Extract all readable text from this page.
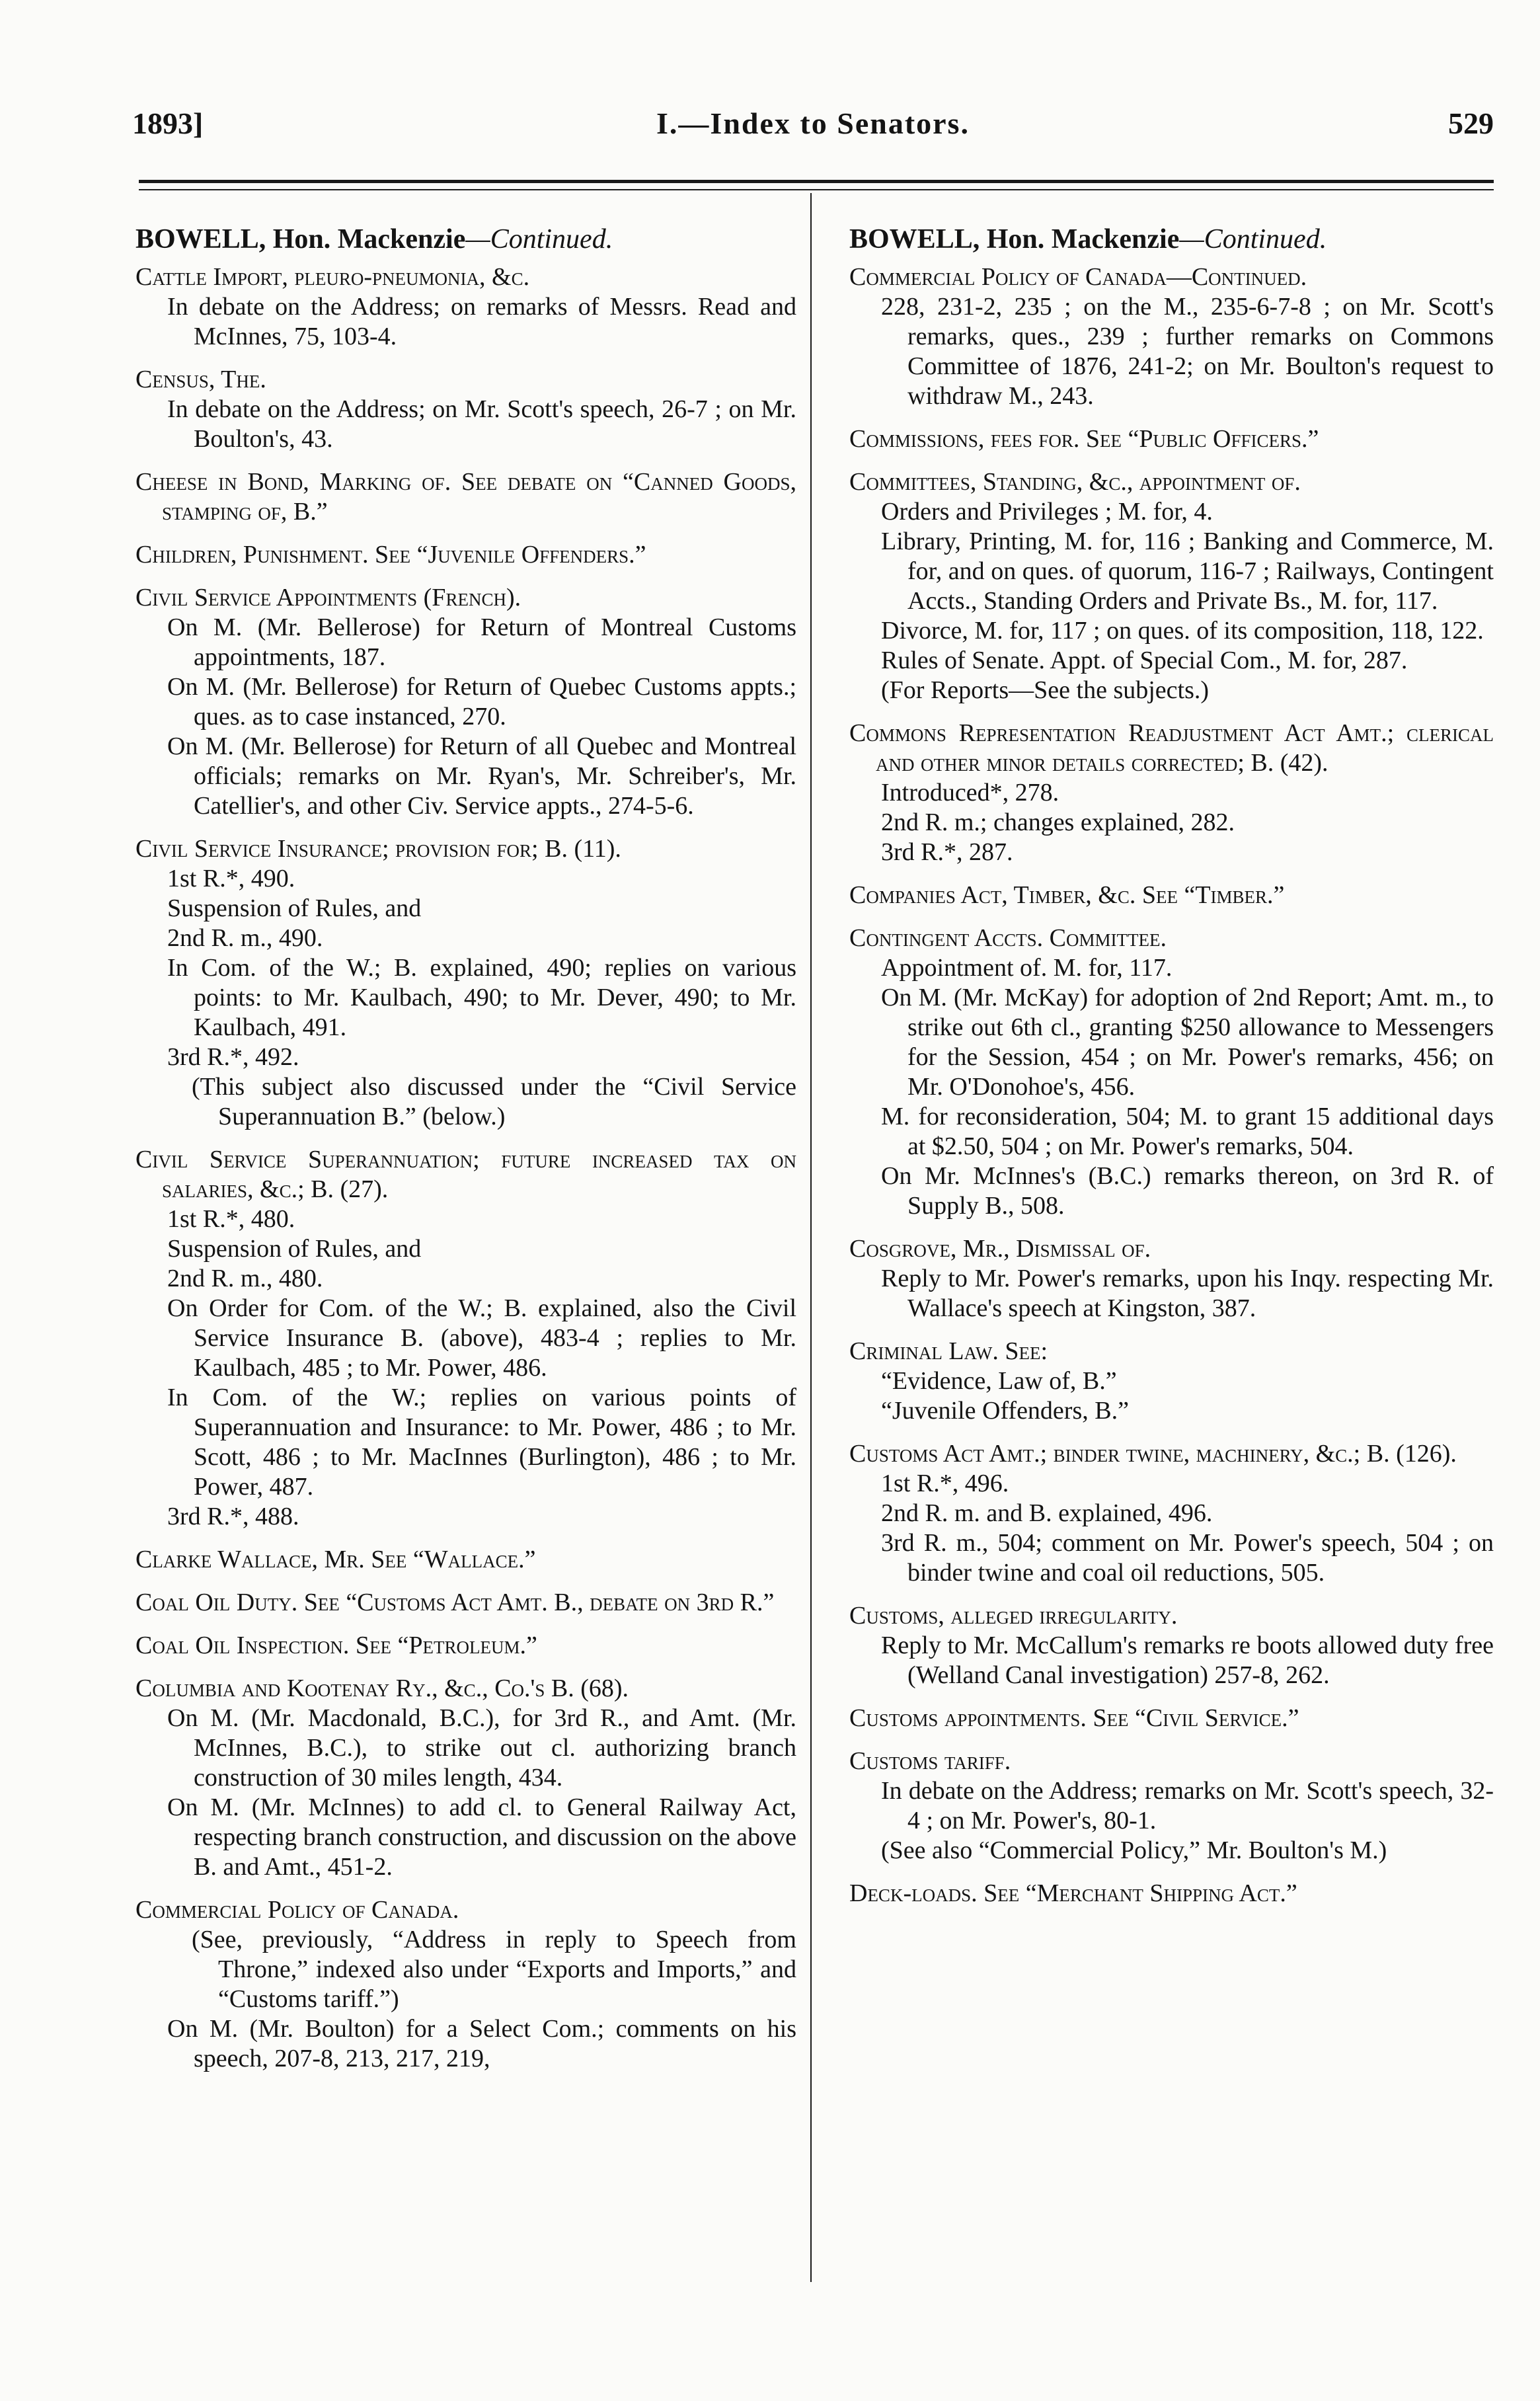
1893]	I.—Index to Senators.	529
BOWELL, Hon. Mackenzie—Continued.
Cattle Import, pleuro-pneumonia, &c.
In debate on the Address; on remarks of Messrs. Read and McInnes, 75, 103-4.
Census, The.
In debate on the Address; on Mr. Scott's speech, 26-7 ; on Mr. Boulton's, 43.
Cheese in Bond, Marking of. See debate on “Canned Goods, stamping of, B.”
Children, Punishment. See “Juvenile Offenders.”
Civil Service Appointments (French).
On M. (Mr. Bellerose) for Return of Montreal Customs appointments, 187.
On M. (Mr. Bellerose) for Return of Quebec Customs appts.; ques. as to case instanced, 270.
On M. (Mr. Bellerose) for Return of all Quebec and Montreal officials; remarks on Mr. Ryan's, Mr. Schreiber's, Mr. Catellier's, and other Civ. Service appts., 274-5-6.
Civil Service Insurance; provision for; B. (11).
1st R.*, 490.
Suspension of Rules, and
2nd R. m., 490.
In Com. of the W.; B. explained, 490; replies on various points: to Mr. Kaulbach, 490; to Mr. Dever, 490; to Mr. Kaulbach, 491.
3rd R.*, 492.
(This subject also discussed under the “Civil Service Superannuation B.” (below.)
Civil Service Superannuation; future increased tax on salaries, &c.; B. (27).
1st R.*, 480.
Suspension of Rules, and
2nd R. m., 480.
On Order for Com. of the W.; B. explained, also the Civil Service Insurance B. (above), 483-4 ; replies to Mr. Kaulbach, 485 ; to Mr. Power, 486.
In Com. of the W.; replies on various points of Superannuation and Insurance: to Mr. Power, 486 ; to Mr. Scott, 486 ; to Mr. MacInnes (Burlington), 486 ; to Mr. Power, 487.
3rd R.*, 488.
Clarke Wallace, Mr. See “Wallace.”
Coal Oil Duty. See “Customs Act Amt. B., debate on 3rd R.”
Coal Oil Inspection. See “Petroleum.”
Columbia and Kootenay Ry., &c., Co.'s B. (68).
On M. (Mr. Macdonald, B.C.), for 3rd R., and Amt. (Mr. McInnes, B.C.), to strike out cl. authorizing branch construction of 30 miles length, 434.
On M. (Mr. McInnes) to add cl. to General Railway Act, respecting branch construction, and discussion on the above B. and Amt., 451-2.
Commercial Policy of Canada.
(See, previously, “Address in reply to Speech from Throne,” indexed also under “Exports and Imports,” and “Customs tariff.”)
On M. (Mr. Boulton) for a Select Com.; comments on his speech, 207-8, 213, 217, 219,
BOWELL, Hon. Mackenzie—Continued.
Commercial Policy of Canada—Continued.
228, 231-2, 235 ; on the M., 235-6-7-8 ; on Mr. Scott's remarks, ques., 239 ; further remarks on Commons Committee of 1876, 241-2; on Mr. Boulton's request to withdraw M., 243.
Commissions, fees for. See “Public Officers.”
Committees, Standing, &c., appointment of.
Orders and Privileges ; M. for, 4.
Library, Printing, M. for, 116 ; Banking and Commerce, M. for, and on ques. of quorum, 116-7 ; Railways, Contingent Accts., Standing Orders and Private Bs., M. for, 117.
Divorce, M. for, 117 ; on ques. of its composition, 118, 122.
Rules of Senate. Appt. of Special Com., M. for, 287.
(For Reports—See the subjects.)
Commons Representation Readjustment Act Amt.; clerical and other minor details corrected; B. (42).
Introduced*, 278.
2nd R. m.; changes explained, 282.
3rd R.*, 287.
Companies Act, Timber, &c. See “Timber.”
Contingent Accts. Committee.
Appointment of. M. for, 117.
On M. (Mr. McKay) for adoption of 2nd Report; Amt. m., to strike out 6th cl., granting $250 allowance to Messengers for the Session, 454 ; on Mr. Power's remarks, 456; on Mr. O'Donohoe's, 456.
M. for reconsideration, 504; M. to grant 15 additional days at $2.50, 504 ; on Mr. Power's remarks, 504.
On Mr. McInnes's (B.C.) remarks thereon, on 3rd R. of Supply B., 508.
Cosgrove, Mr., Dismissal of.
Reply to Mr. Power's remarks, upon his Inqy. respecting Mr. Wallace's speech at Kingston, 387.
Criminal Law. See:
“Evidence, Law of, B.”
“Juvenile Offenders, B.”
Customs Act Amt.; binder twine, machinery, &c.; B. (126).
1st R.*, 496.
2nd R. m. and B. explained, 496.
3rd R. m., 504; comment on Mr. Power's speech, 504 ; on binder twine and coal oil reductions, 505.
Customs, alleged irregularity.
Reply to Mr. McCallum's remarks re boots allowed duty free (Welland Canal investigation) 257-8, 262.
Customs appointments. See “Civil Service.”
Customs tariff.
In debate on the Address; remarks on Mr. Scott's speech, 32-4 ; on Mr. Power's, 80-1.
(See also “Commercial Policy,” Mr. Boulton's M.)
Deck-loads. See “Merchant Shipping Act.”
